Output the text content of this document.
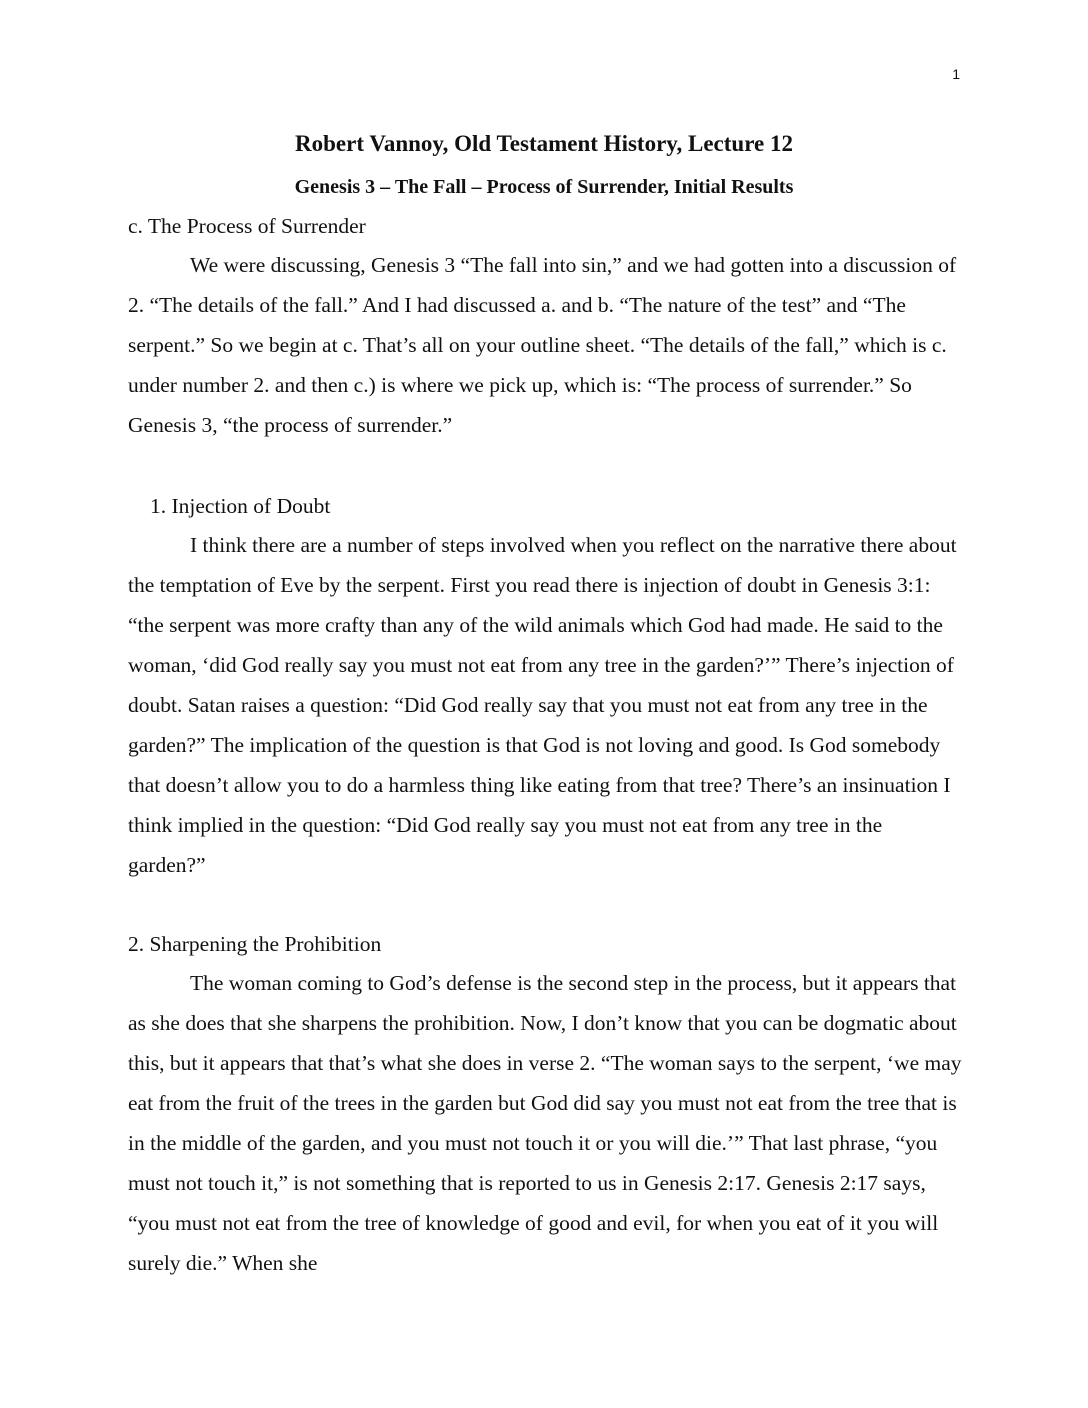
1
Robert Vannoy, Old Testament History, Lecture 12
Genesis 3 – The Fall – Process of Surrender, Initial Results
c. The Process of Surrender

We were discussing, Genesis 3 “The fall into sin,” and we had gotten into a discussion of 2. “The details of the fall.” And I had discussed a. and b. “The nature of the test” and “The serpent.” So we begin at c. That’s all on your outline sheet. “The details of the fall,” which is c. under number 2. and then c.) is where we pick up, which is: “The process of surrender.” So Genesis 3, “the process of surrender.”

1. Injection of Doubt

I think there are a number of steps involved when you reflect on the narrative there about the temptation of Eve by the serpent. First you read there is injection of doubt in Genesis 3:1: “the serpent was more crafty than any of the wild animals which God had made. He said to the woman, ‘did God really say you must not eat from any tree in the garden?’” There’s injection of doubt. Satan raises a question: “Did God really say that you must not eat from any tree in the garden?” The implication of the question is that God is not loving and good. Is God somebody that doesn’t allow you to do a harmless thing like eating from that tree? There’s an insinuation I think implied in the question: “Did God really say you must not eat from any tree in the garden?”

2. Sharpening the Prohibition

The woman coming to God’s defense is the second step in the process, but it appears that as she does that she sharpens the prohibition. Now, I don’t know that you can be dogmatic about this, but it appears that that’s what she does in verse 2. “The woman says to the serpent, ‘we may eat from the fruit of the trees in the garden but God did say you must not eat from the tree that is in the middle of the garden, and you must not touch it or you will die.’” That last phrase, “you must not touch it,” is not something that is reported to us in Genesis 2:17. Genesis 2:17 says, “you must not eat from the tree of knowledge of good and evil, for when you eat of it you will surely die.” When she
